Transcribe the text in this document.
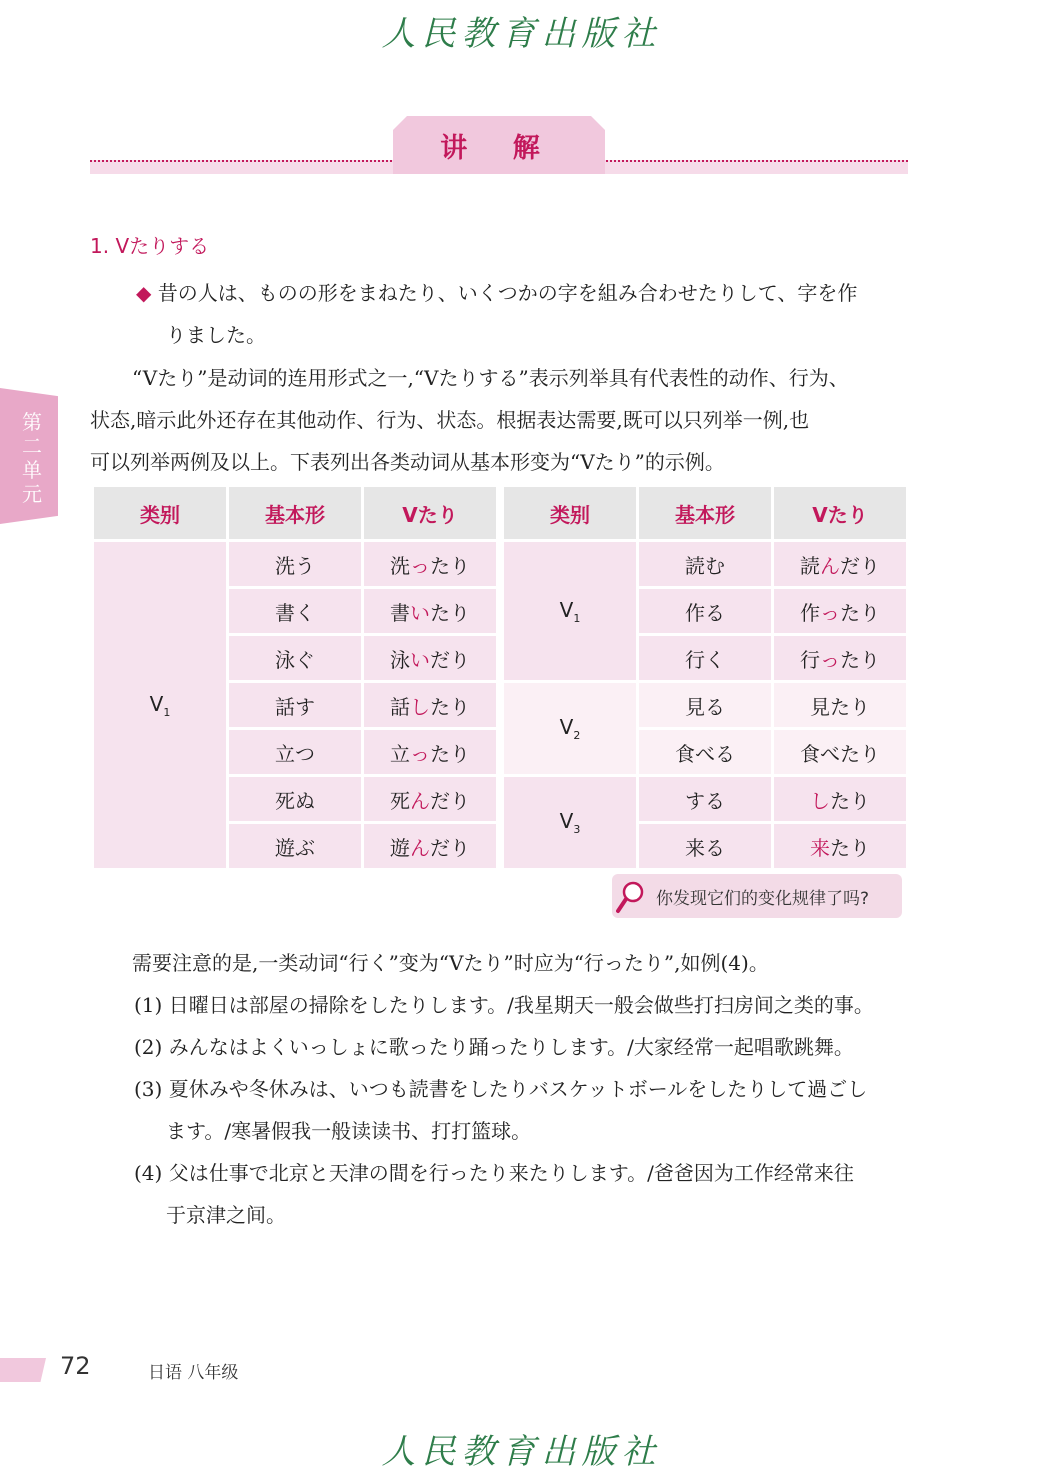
人民教育出版社
讲 解
第二单元
1. Vたりする
◆ 昔の人は、ものの形をまねたり、いくつかの字を組み合わせたりして、字を作
りました。
“Vたり”是动词的连用形式之一,“Vたりする”表示列举具有代表性的动作、行为、
状态,暗示此外还存在其他动作、行为、状态。根据表达需要,既可以只列举一例,也
可以列举两例及以上。下表列出各类动词从基本形变为“Vたり”的示例。
类别	基本形	Vたり		类别	基本形	Vたり
$V_1$	洗う	洗ったり		$V_1$	読む	読んだり
	書く	書いたり			作る	作ったり
	泳ぐ	泳いだり			行く	行ったり
	話す	話したり		$V_2$	見る	見たり
	立つ	立ったり			食べる	食べたり
	死ぬ	死んだり		$V_3$	する	したり
	遊ぶ	遊んだり			来る	来たり
你发现它们的变化规律了吗?
需要注意的是,一类动词“行く”变为“Vたり”时应为“行ったり”,如例(4)。
(1) 日曜日は部屋の掃除をしたりします。/我星期天一般会做些打扫房间之类的事。
(2) みんなはよくいっしょに歌ったり踊ったりします。/大家经常一起唱歌跳舞。
(3) 夏休みや冬休みは、いつも読書をしたりバスケットボールをしたりして過ごし
ます。/寒暑假我一般读读书、打打篮球。
(4) 父は仕事で北京と天津の間を行ったり来たりします。/爸爸因为工作经常来往
于京津之间。
72	日语 八年级
人民教育出版社
